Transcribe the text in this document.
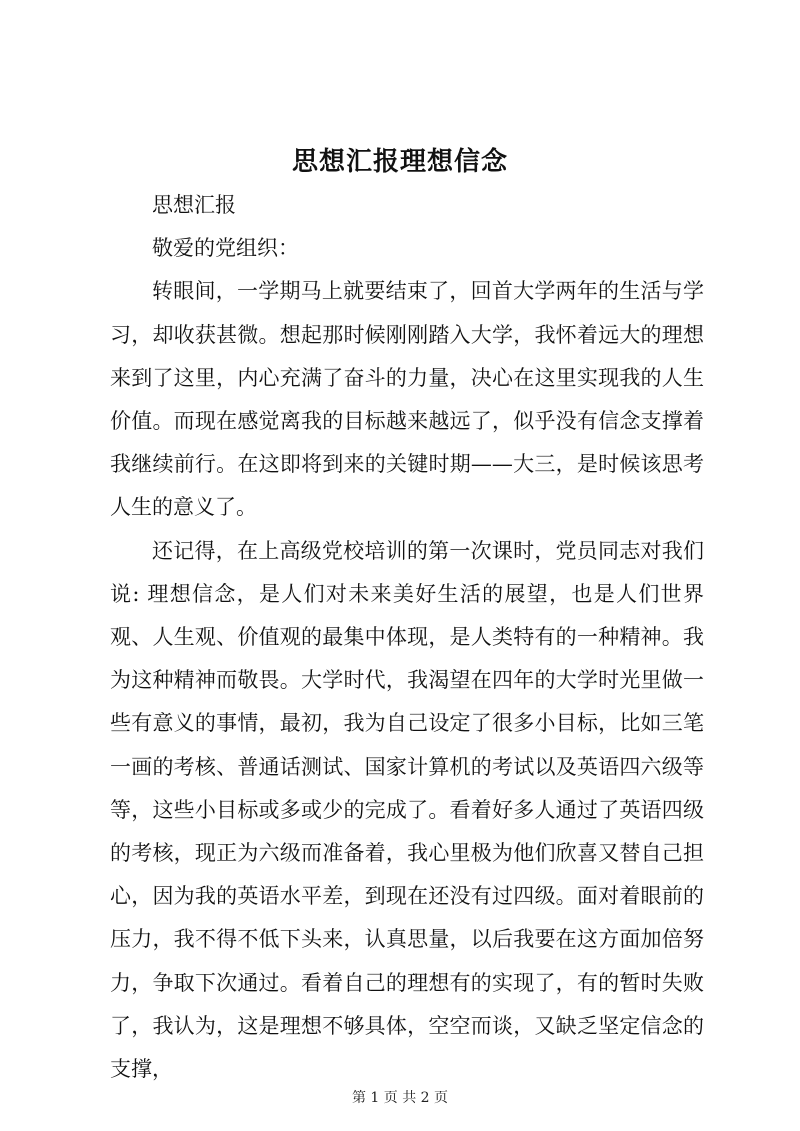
思想汇报理想信念

思想汇报

敬爱的党组织：

转眼间，一学期马上就要结束了，回首大学两年的生活与学习，却收获甚微。想起那时候刚刚踏入大学，我怀着远大的理想来到了这里，内心充满了奋斗的力量，决心在这里实现我的人生价值。而现在感觉离我的目标越来越远了，似乎没有信念支撑着我继续前行。在这即将到来的关键时期——大三，是时候该思考人生的意义了。

还记得，在上高级党校培训的第一次课时，党员同志对我们说: 理想信念，是人们对未来美好生活的展望，也是人们世界观、人生观、价值观的最集中体现，是人类特有的一种精神。我为这种精神而敬畏。大学时代，我渴望在四年的大学时光里做一些有意义的事情，最初，我为自己设定了很多小目标，比如三笔一画的考核、普通话测试、国家计算机的考试以及英语四六级等等，这些小目标或多或少的完成了。看着好多人通过了英语四级的考核，现正为六级而准备着，我心里极为他们欣喜又替自己担心，因为我的英语水平差，到现在还没有过四级。面对着眼前的压力，我不得不低下头来，认真思量，以后我要在这方面加倍努力，争取下次通过。看着自己的理想有的实现了，有的暂时失败了，我认为，这是理想不够具体，空空而谈，又缺乏坚定信念的支撑，

第 1 页 共 2 页
